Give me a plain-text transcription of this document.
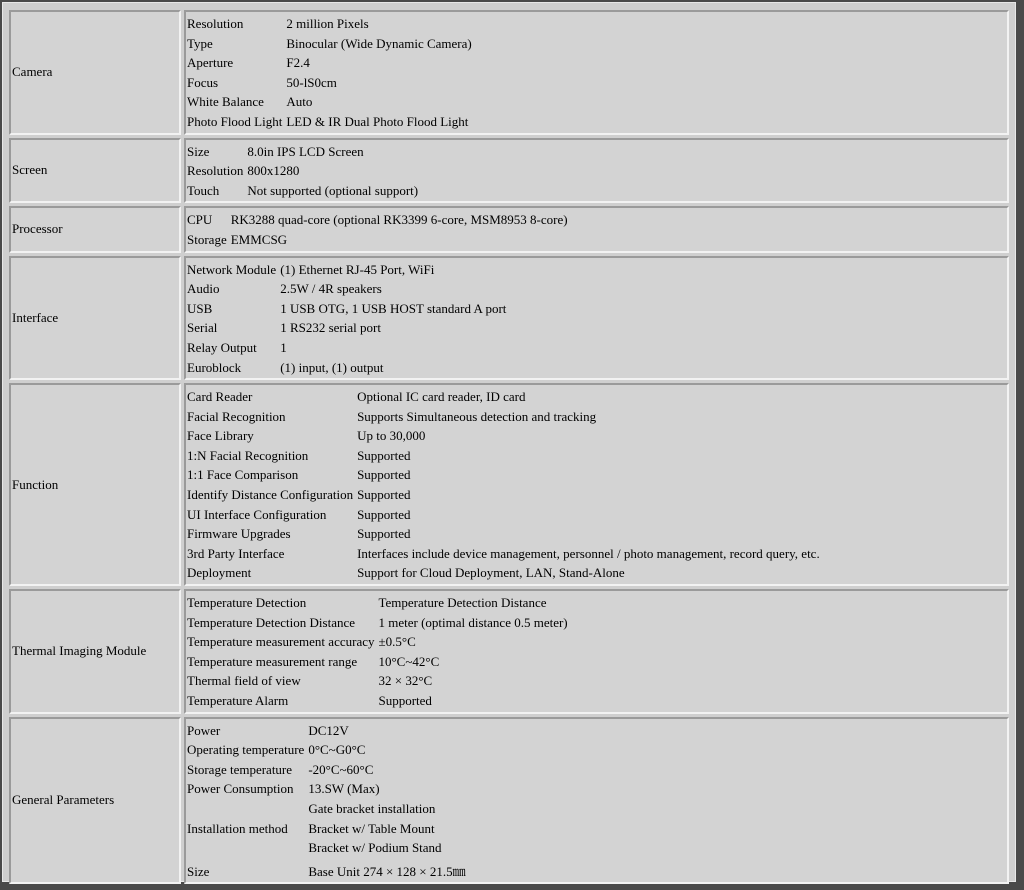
Camera
Resolution	2 million Pixels
Type	Binocular (Wide Dynamic Camera)
Aperture	F2.4
Focus	50-lS0cm
White Balance	Auto
Photo Flood Light	LED & IR Dual Photo Flood Light
Screen
Size	8.0in IPS LCD Screen
Resolution	800x1280
Touch	Not supported (optional support)
Processor
CPU	RK3288 quad-core (optional RK3399 6-core, MSM8953 8-core)
Storage	EMMCSG
Interface
Network Module	(1) Ethernet RJ-45 Port, WiFi
Audio	2.5W / 4R speakers
USB	1 USB OTG, 1 USB HOST standard A port
Serial	1 RS232 serial port
Relay Output	1
Euroblock	(1) input, (1) output
Function
Card Reader	Optional IC card reader, ID card
Facial Recognition	Supports Simultaneous detection and tracking
Face Library	Up to 30,000
1:N Facial Recognition	Supported
1:1 Face Comparison	Supported
Identify Distance Configuration	Supported
UI Interface Configuration	Supported
Firmware Upgrades	Supported
3rd Party Interface	Interfaces include device management, personnel / photo management, record query, etc.
Deployment	Support for Cloud Deployment, LAN, Stand-Alone
Thermal Imaging Module
Temperature Detection	Temperature Detection Distance
Temperature Detection Distance	1 meter (optimal distance 0.5 meter)
Temperature measurement accuracy	±0.5°C
Temperature measurement range	10°C~42°C
Thermal field of view	32 × 32°C
Temperature Alarm	Supported
General Parameters
Power	DC12V
Operating temperature	0°C~G0°C
Storage temperature	-20°C~60°C
Power Consumption	13.SW (Max)
Installation method	Gate bracket installation
Bracket w/ Table Mount
Bracket w/ Podium Stand

Size	Base Unit 274 × 128 × 21.5㎜
